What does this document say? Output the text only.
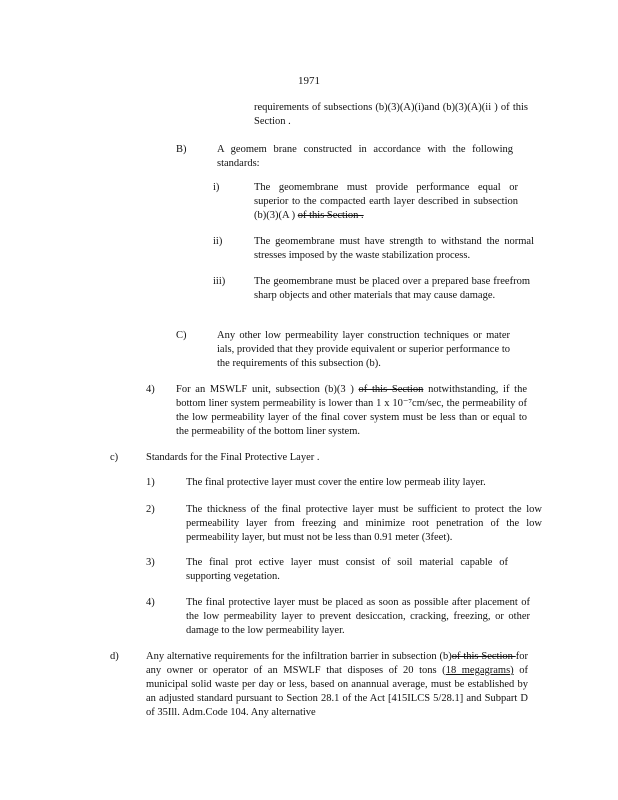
1971
requirements of subsections (b)(3)(A)(i)and (b)(3)(A)(ii ) of this Section .
B)	A geomem brane constructed in accordance with the following standards:
i)	The geomembrane must provide performance equal or superior to the compacted earth layer described in subsection (b)(3)(A ) of this Section .
ii)	The geomembrane must have strength to withstand the normal stresses imposed by the waste stabilization process.
iii)	The geomembrane must be placed over a prepared base freefrom sharp objects and other materials that may cause damage.
C)	Any other low permeability layer construction techniques or mater ials, provided that they provide equivalent or superior performance to the requirements of this subsection (b).
4) For an MSWLF unit, subsection (b)(3 ) of this Section notwithstanding, if the bottom liner system permeability is lower than 1 x 10⁻⁷cm/sec, the permeability of the low permeability layer of the final cover system must be less than or equal to the permeability of the bottom liner system.
c)	Standards for the Final Protective Layer .
1)	The final protective layer must cover the entire low permeab ility layer.
2)	The thickness of the final protective layer must be sufficient to protect the low permeability layer from freezing and minimize root penetration of the low permeability layer, but must not be less than 0.91 meter (3feet).
3)	The final prot ective layer must consist of soil material capable of supporting vegetation.
4)	The final protective layer must be placed as soon as possible after placement of the low permeability layer to prevent desiccation, cracking, freezing, or other damage to the low permeability layer.
d)	Any alternative requirements for the infiltration barrier in subsection (b)of this Section for any owner or operator of an MSWLF that disposes of 20 tons (18 megagrams) of municipal solid waste per day or less, based on anannual average, must be established by an adjusted standard pursuant to Section 28.1 of the Act [415ILCS 5/28.1] and Subpart D of 35Ill. Adm.Code 104. Any alternative
